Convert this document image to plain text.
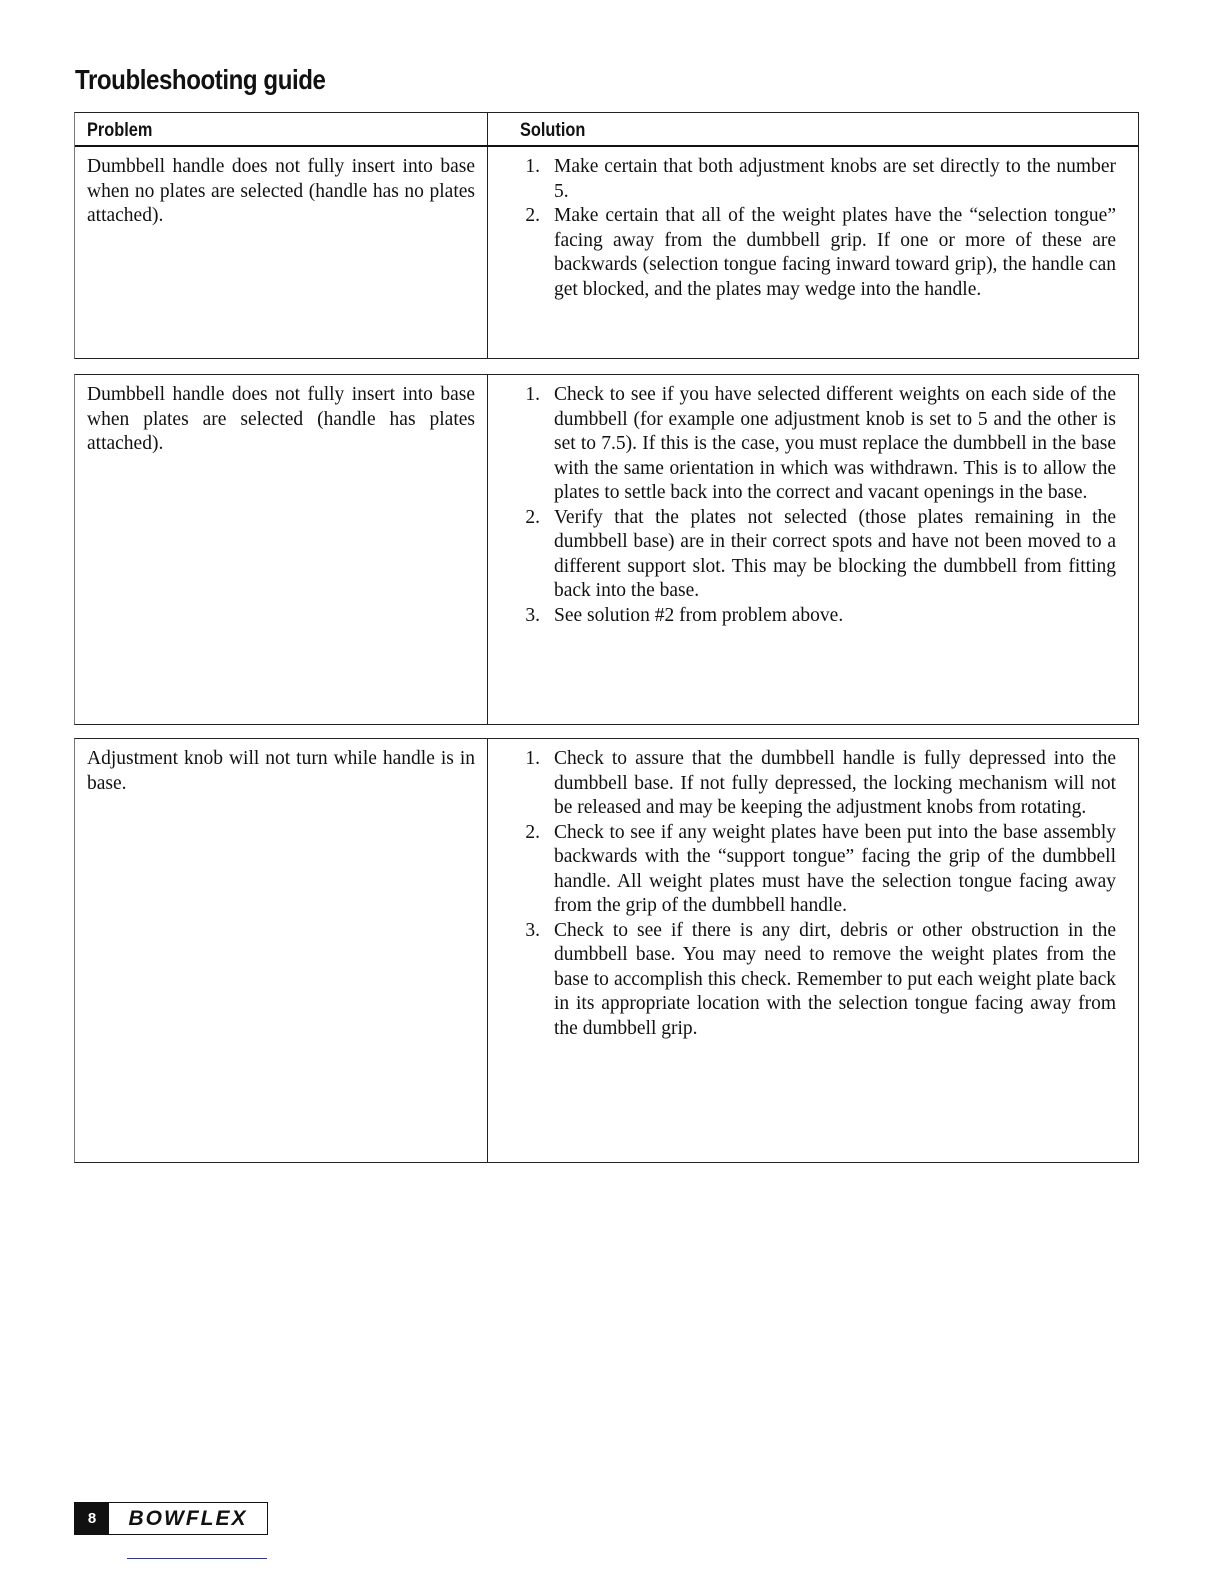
Troubleshooting guide
Problem	Solution
Dumbbell handle does not fully insert into base when no plates are selected (handle has no plates attached).
1. Make certain that both adjustment knobs are set directly to the number 5.
2. Make certain that all of the weight plates have the “selection tongue” facing away from the dumbbell grip. If one or more of these are backwards (selection tongue facing inward toward grip), the handle can get blocked, and the plates may wedge into the handle.
Dumbbell handle does not fully insert into base when plates are selected (handle has plates attached).
1. Check to see if you have selected different weights on each side of the dumbbell (for example one adjustment knob is set to 5 and the other is set to 7.5). If this is the case, you must replace the dumbbell in the base with the same orientation in which was withdrawn. This is to allow the plates to settle back into the correct and vacant openings in the base.
2. Verify that the plates not selected (those plates remaining in the dumbbell base) are in their correct spots and have not been moved to a different support slot. This may be blocking the dumbbell from fitting back into the base.
3. See solution #2 from problem above.
Adjustment knob will not turn while handle is in base.
1. Check to assure that the dumbbell handle is fully depressed into the dumbbell base. If not fully depressed, the locking mechanism will not be released and may be keeping the adjustment knobs from rotating.
2. Check to see if any weight plates have been put into the base assembly backwards with the “support tongue” facing the grip of the dumbbell handle. All weight plates must have the selection tongue facing away from the grip of the dumbbell handle.
3. Check to see if there is any dirt, debris or other obstruction in the dumbbell base. You may need to remove the weight plates from the base to accomplish this check. Remember to put each weight plate back in its appropriate location with the selection tongue facing away from the dumbbell grip.
8	BOWFLEX
